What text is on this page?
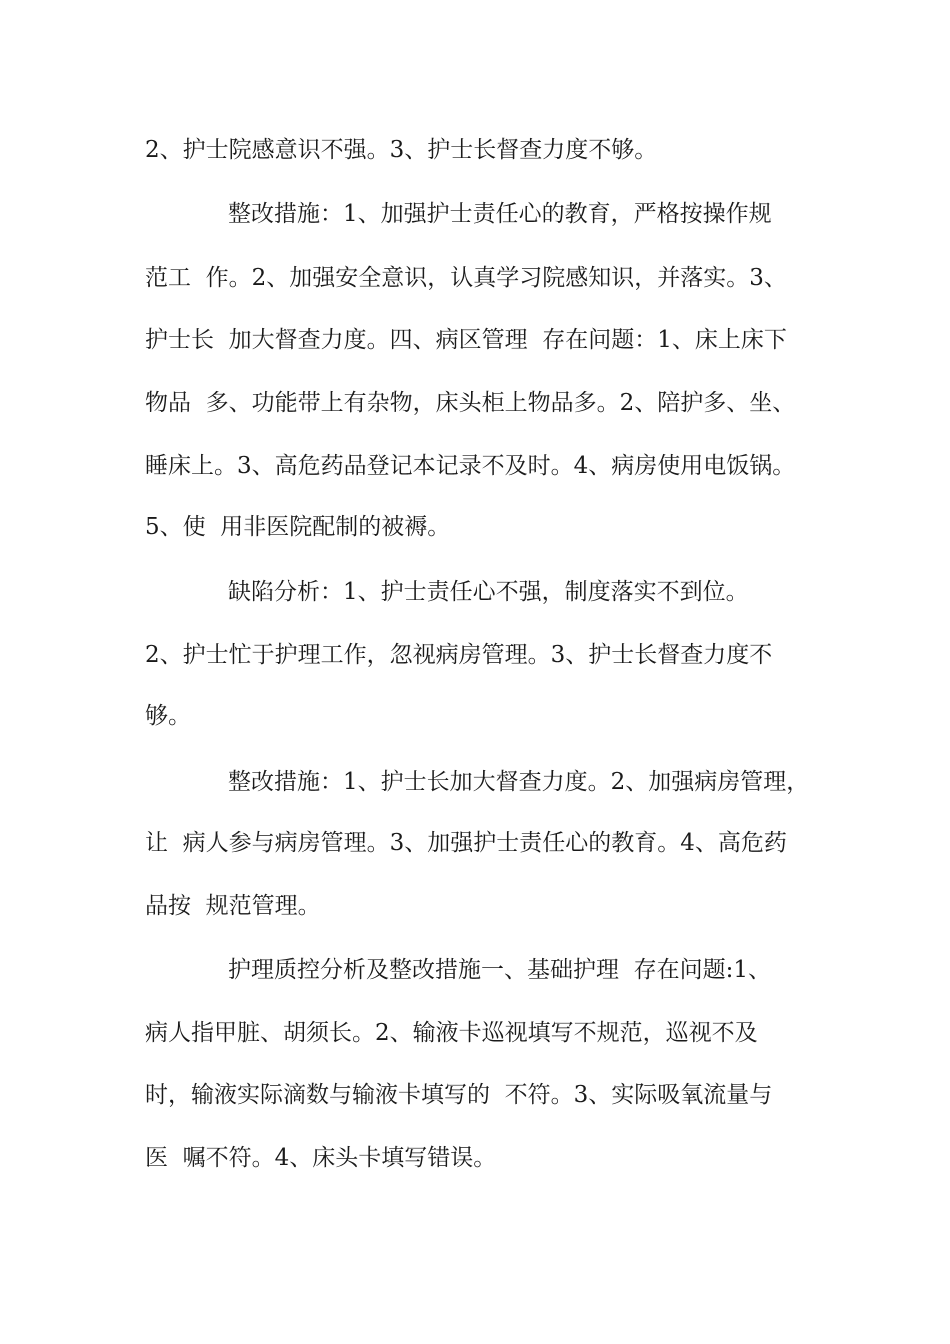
2、护士院感意识不强。3、护士长督查力度不够。
整改措施：1、加强护士责任心的教育，严格按操作规
范工  作。2、加强安全意识，认真学习院感知识，并落实。3、
护士长  加大督查力度。四、病区管理  存在问题：1、床上床下
物品  多、功能带上有杂物，床头柜上物品多。2、陪护多、坐、
睡床上。3、高危药品登记本记录不及时。4、病房使用电饭锅。
5、使  用非医院配制的被褥。
缺陷分析：1、护士责任心不强，制度落实不到位。
2、护士忙于护理工作，忽视病房管理。3、护士长督查力度不
够。
整改措施：1、护士长加大督查力度。2、加强病房管理，
让  病人参与病房管理。3、加强护士责任心的教育。4、高危药
品按  规范管理。
护理质控分析及整改措施一、基础护理  存在问题:1、
病人指甲脏、胡须长。2、输液卡巡视填写不规范，巡视不及
时，输液实际滴数与输液卡填写的  不符。3、实际吸氧流量与
医  嘱不符。4、床头卡填写错误。
